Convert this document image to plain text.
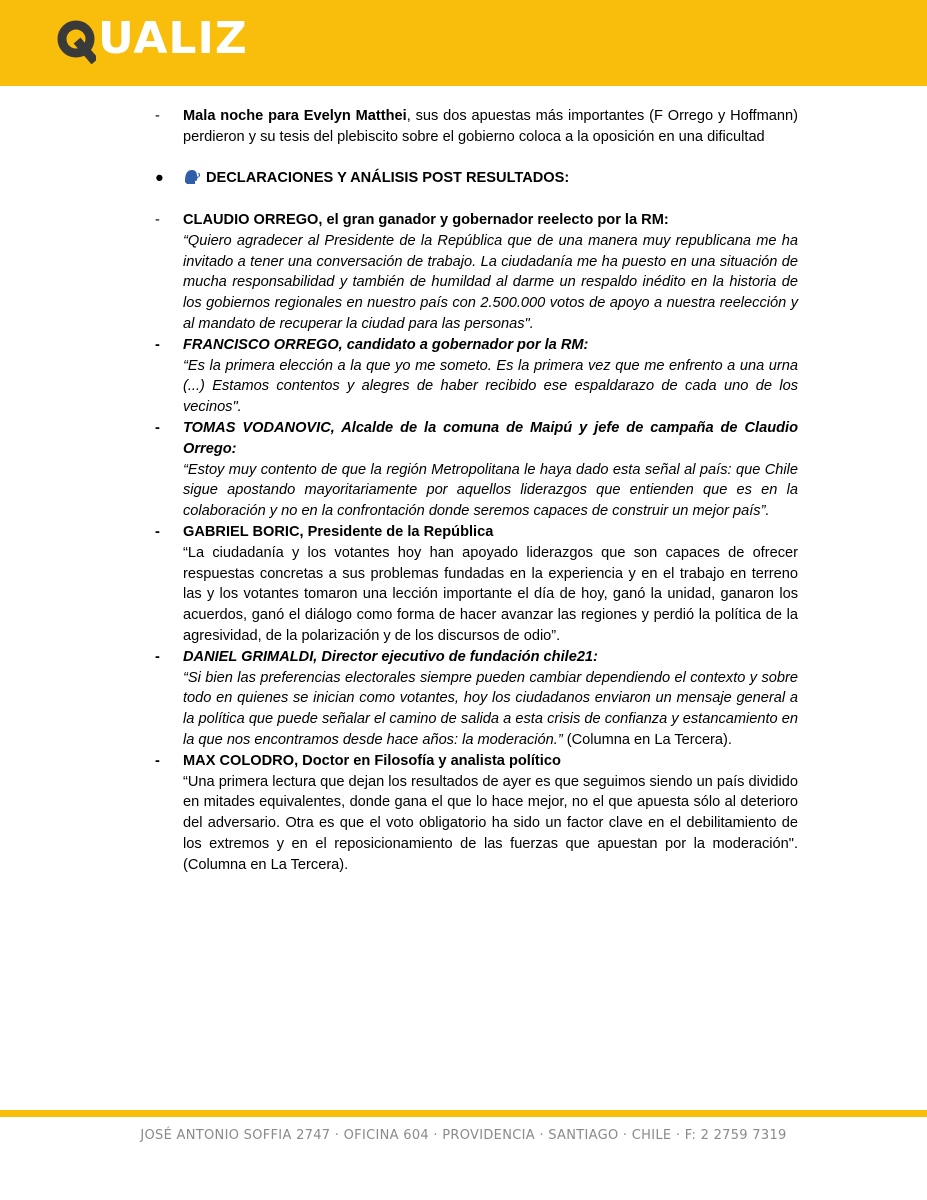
UALIZ
-	Mala noche para Evelyn Matthei, sus dos apuestas más importantes (F Orrego y Hoffmann) perdieron y su tesis del plebiscito sobre el gobierno coloca a la oposición en una dificultad

●	DECLARACIONES Y ANÁLISIS POST RESULTADOS:
-	CLAUDIO ORREGO, el gran ganador y gobernador reelecto por la RM:

“Quiero agradecer al Presidente de la República que de una manera muy republicana me ha invitado a tener una conversación de trabajo. La ciudadanía me ha puesto en una situación de mucha responsabilidad y también de humildad al darme un respaldo inédito en la historia de los gobiernos regionales en nuestro país con 2.500.000 votos de apoyo a nuestra reelección y al mandato de recuperar la ciudad para las personas".

-	FRANCISCO ORREGO, candidato a gobernador por la RM:

“Es la primera elección a la que yo me someto. Es la primera vez que me enfrento a una urna (...) Estamos contentos y alegres de haber recibido ese espaldarazo de cada uno de los vecinos".

-	TOMAS VODANOVIC, Alcalde de la comuna de Maipú y jefe de campaña de Claudio Orrego:

“Estoy muy contento de que la región Metropolitana le haya dado esta señal al país: que Chile sigue apostando mayoritariamente por aquellos liderazgos que entienden que es en la colaboración y no en la confrontación donde seremos capaces de construir un mejor país”.

-	GABRIEL BORIC, Presidente de la República

“La ciudadanía y los votantes hoy han apoyado liderazgos que son capaces de ofrecer respuestas concretas a sus problemas fundadas en la experiencia y en el trabajo en terreno las y los votantes tomaron una lección importante el día de hoy, ganó la unidad, ganaron los acuerdos, ganó el diálogo como forma de hacer avanzar las regiones y perdió la política de la agresividad, de la polarización y de los discursos de odio”.

-	DANIEL GRIMALDI, Director ejecutivo de fundación chile21:

“Si bien las preferencias electorales siempre pueden cambiar dependiendo el contexto y sobre todo en quienes se inician como votantes, hoy los ciudadanos enviaron un mensaje general a la política que puede señalar el camino de salida a esta crisis de confianza y estancamiento en la que nos encontramos desde hace años: la moderación.” (Columna en La Tercera).

-	MAX COLODRO, Doctor en Filosofía y analista político

“Una primera lectura que dejan los resultados de ayer es que seguimos siendo un país dividido en mitades equivalentes, donde gana el que lo hace mejor, no el que apuesta sólo al deterioro del adversario. Otra es que el voto obligatorio ha sido un factor clave en el debilitamiento de los extremos y en el reposicionamiento de las fuerzas que apuestan por la moderación". (Columna en La Tercera).

JOSÉ ANTONIO SOFFIA 2747 · OFICINA 604 · PROVIDENCIA · SANTIAGO · CHILE · F: 2 2759 7319
